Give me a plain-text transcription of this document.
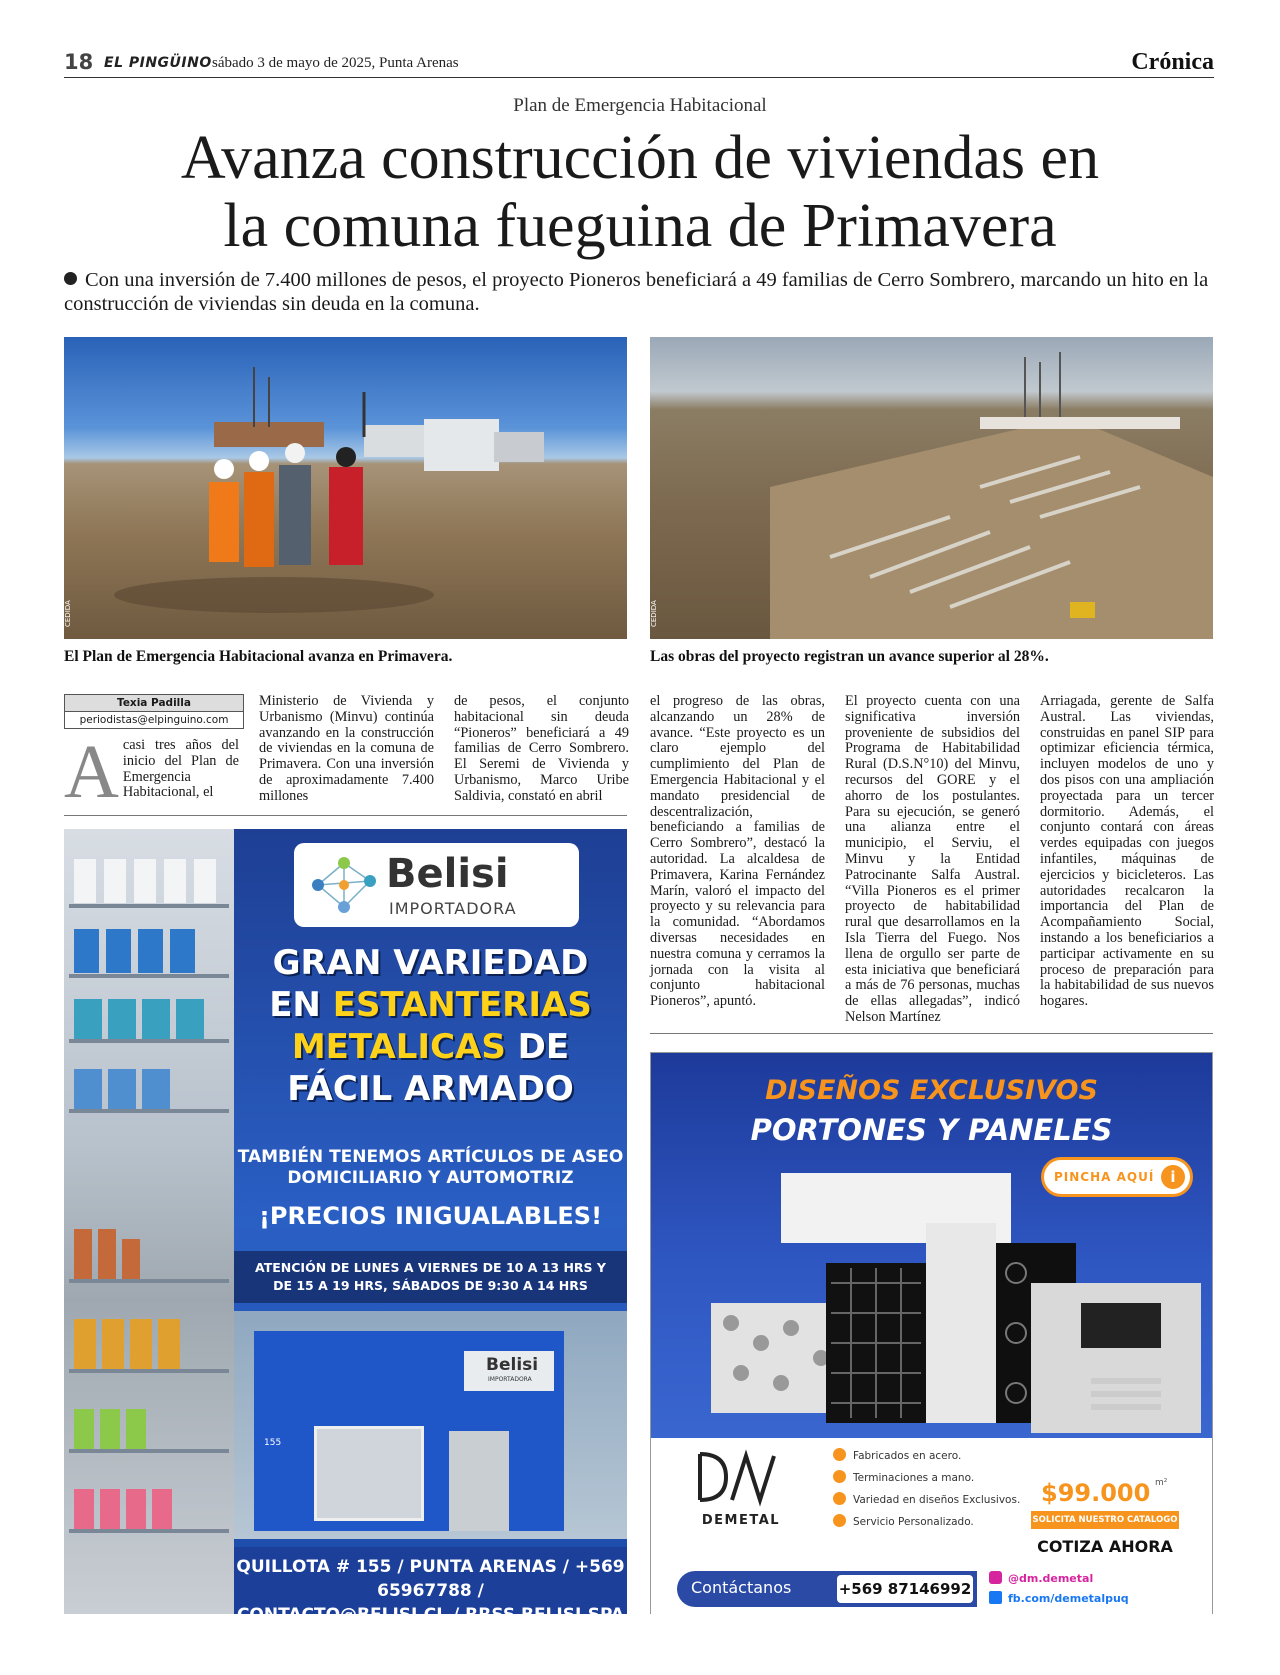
18 EL PINGÜINO sábado 3 de mayo de 2025, Punta Arenas	Crónica
Plan de Emergencia Habitacional
Avanza construcción de viviendas en
la comuna fueguina de Primavera
Con una inversión de 7.400 millones de pesos, el proyecto Pioneros beneficiará a 49 familias de Cerro Sombrero, marcando un hito en la construcción de viviendas sin deuda en la comuna.
CEDIDA
El Plan de Emergencia Habitacional avanza en Primavera.
CEDIDA
Las obras del proyecto registran un avance superior al 28%.
Texia Padilla
periodistas@elpinguino.com
Acasi tres años del inicio del Plan de Emergencia Habitacional, el
Ministerio de Vivienda y Urbanismo (Minvu) continúa avanzando en la construcción de viviendas en la comuna de Primavera. Con una inversión de aproximadamente 7.400 millones
de pesos, el conjunto habitacional sin deuda “Pioneros” beneficiará a 49 familias de Cerro Sombrero. El Seremi de Vivienda y Urbanismo, Marco Uribe Saldivia, constató en abril
el progreso de las obras, alcanzando un 28% de avance. “Este proyecto es un claro ejemplo del cumplimiento del Plan de Emergencia Habitacional y el mandato presidencial de descentralización, beneficiando a familias de Cerro Sombrero”, destacó la autoridad. La alcaldesa de Primavera, Karina Fernández Marín, valoró el impacto del proyecto y su relevancia para la comunidad. “Abordamos diversas necesidades en nuestra comuna y cerramos la jornada con la visita al conjunto habitacional Pioneros”, apuntó.
El proyecto cuenta con una significativa inversión proveniente de subsidios del Programa de Habitabilidad Rural (D.S.N°10) del Minvu, recursos del GORE y el ahorro de los postulantes. Para su ejecución, se generó una alianza entre el municipio, el Serviu, el Minvu y la Entidad Patrocinante Salfa Austral. “Villa Pioneros es el primer proyecto de habitabilidad rural que desarrollamos en la Isla Tierra del Fuego. Nos llena de orgullo ser parte de esta iniciativa que beneficiará a más de 76 personas, muchas de ellas allegadas”, indicó Nelson Martínez
Arriagada, gerente de Salfa Austral. Las viviendas, construidas en panel SIP para optimizar eficiencia térmica, incluyen modelos de uno y dos pisos con una ampliación proyectada para un tercer dormitorio. Además, el conjunto contará con áreas verdes equipadas con juegos infantiles, máquinas de ejercicios y bicicleteros. Las autoridades recalcaron la importancia del Plan de Acompañamiento Social, instando a los beneficiarios a participar activamente en su proceso de preparación para la habitabilidad de sus nuevos hogares.
Belisi
IMPORTADORA
GRAN VARIEDAD
EN ESTANTERIAS
METALICAS DE
FÁCIL ARMADO
TAMBIÉN TENEMOS ARTÍCULOS DE ASEO
DOMICILIARIO Y AUTOMOTRIZ
¡PRECIOS INIGUALABLES!
ATENCIÓN DE LUNES A VIERNES DE 10 A 13 HRS Y
DE 15 A 19 HRS, SÁBADOS DE 9:30 A 14 HRS
Belisi
IMPORTADORA
155
QUILLOTA # 155 / PUNTA ARENAS / +569 65967788 /
CONTACTO@BELISI.CL / RRSS BELISI.SPA
DISEÑOS EXCLUSIVOS
PORTONES Y PANELES
PINCHA AQUÍ	i
DEMETAL
Fabricados en acero.
Terminaciones a mano.
Variedad en diseños Exclusivos.
Servicio Personalizado.
$99.000 m²
SOLICITA NUESTRO CATALOGO
COTIZA AHORA
Contáctanos	+569 87146992
@dm.demetal
fb.com/demetalpuq
